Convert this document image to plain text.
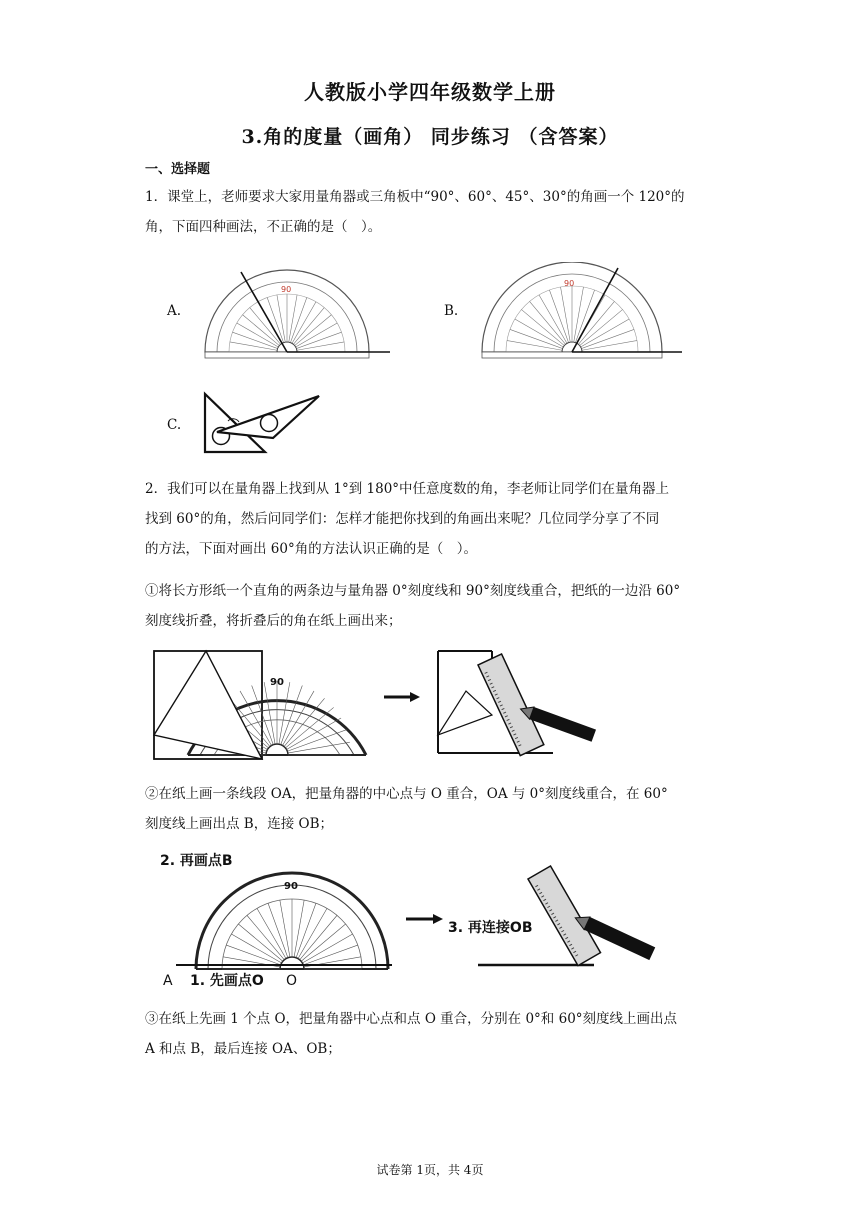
人教版小学四年级数学上册
3.角的度量（画角） 同步练习 （含答案）
一、选择题
1．课堂上，老师要求大家用量角器或三角板中“90°、60°、45°、30°的角画一个 120°的
角，下面四种画法，不正确的是（　）。
A.	B.
C.
90
90
2．我们可以在量角器上找到从 1°到 180°中任意度数的角，李老师让同学们在量角器上
找到 60°的角，然后问同学们：怎样才能把你找到的角画出来呢？几位同学分享了不同
的方法，下面对画出 60°角的方法认识正确的是（　）。
①将长方形纸一个直角的两条边与量角器 0°刻度线和 90°刻度线重合，把纸的一边沿 60°
刻度线折叠，将折叠后的角在纸上画出来；
90
②在纸上画一条线段 OA，把量角器的中心点与 O 重合，OA 与 0°刻度线重合，在 60°
刻度线上画出点 B，连接 OB；
2. 再画点B
90
A 1. 先画点O O
3. 再连接OB
③在纸上先画 1 个点 O，把量角器中心点和点 O 重合，分别在 0°和 60°刻度线上画出点
A 和点 B，最后连接 OA、OB；
试卷第 1页，共 4页
